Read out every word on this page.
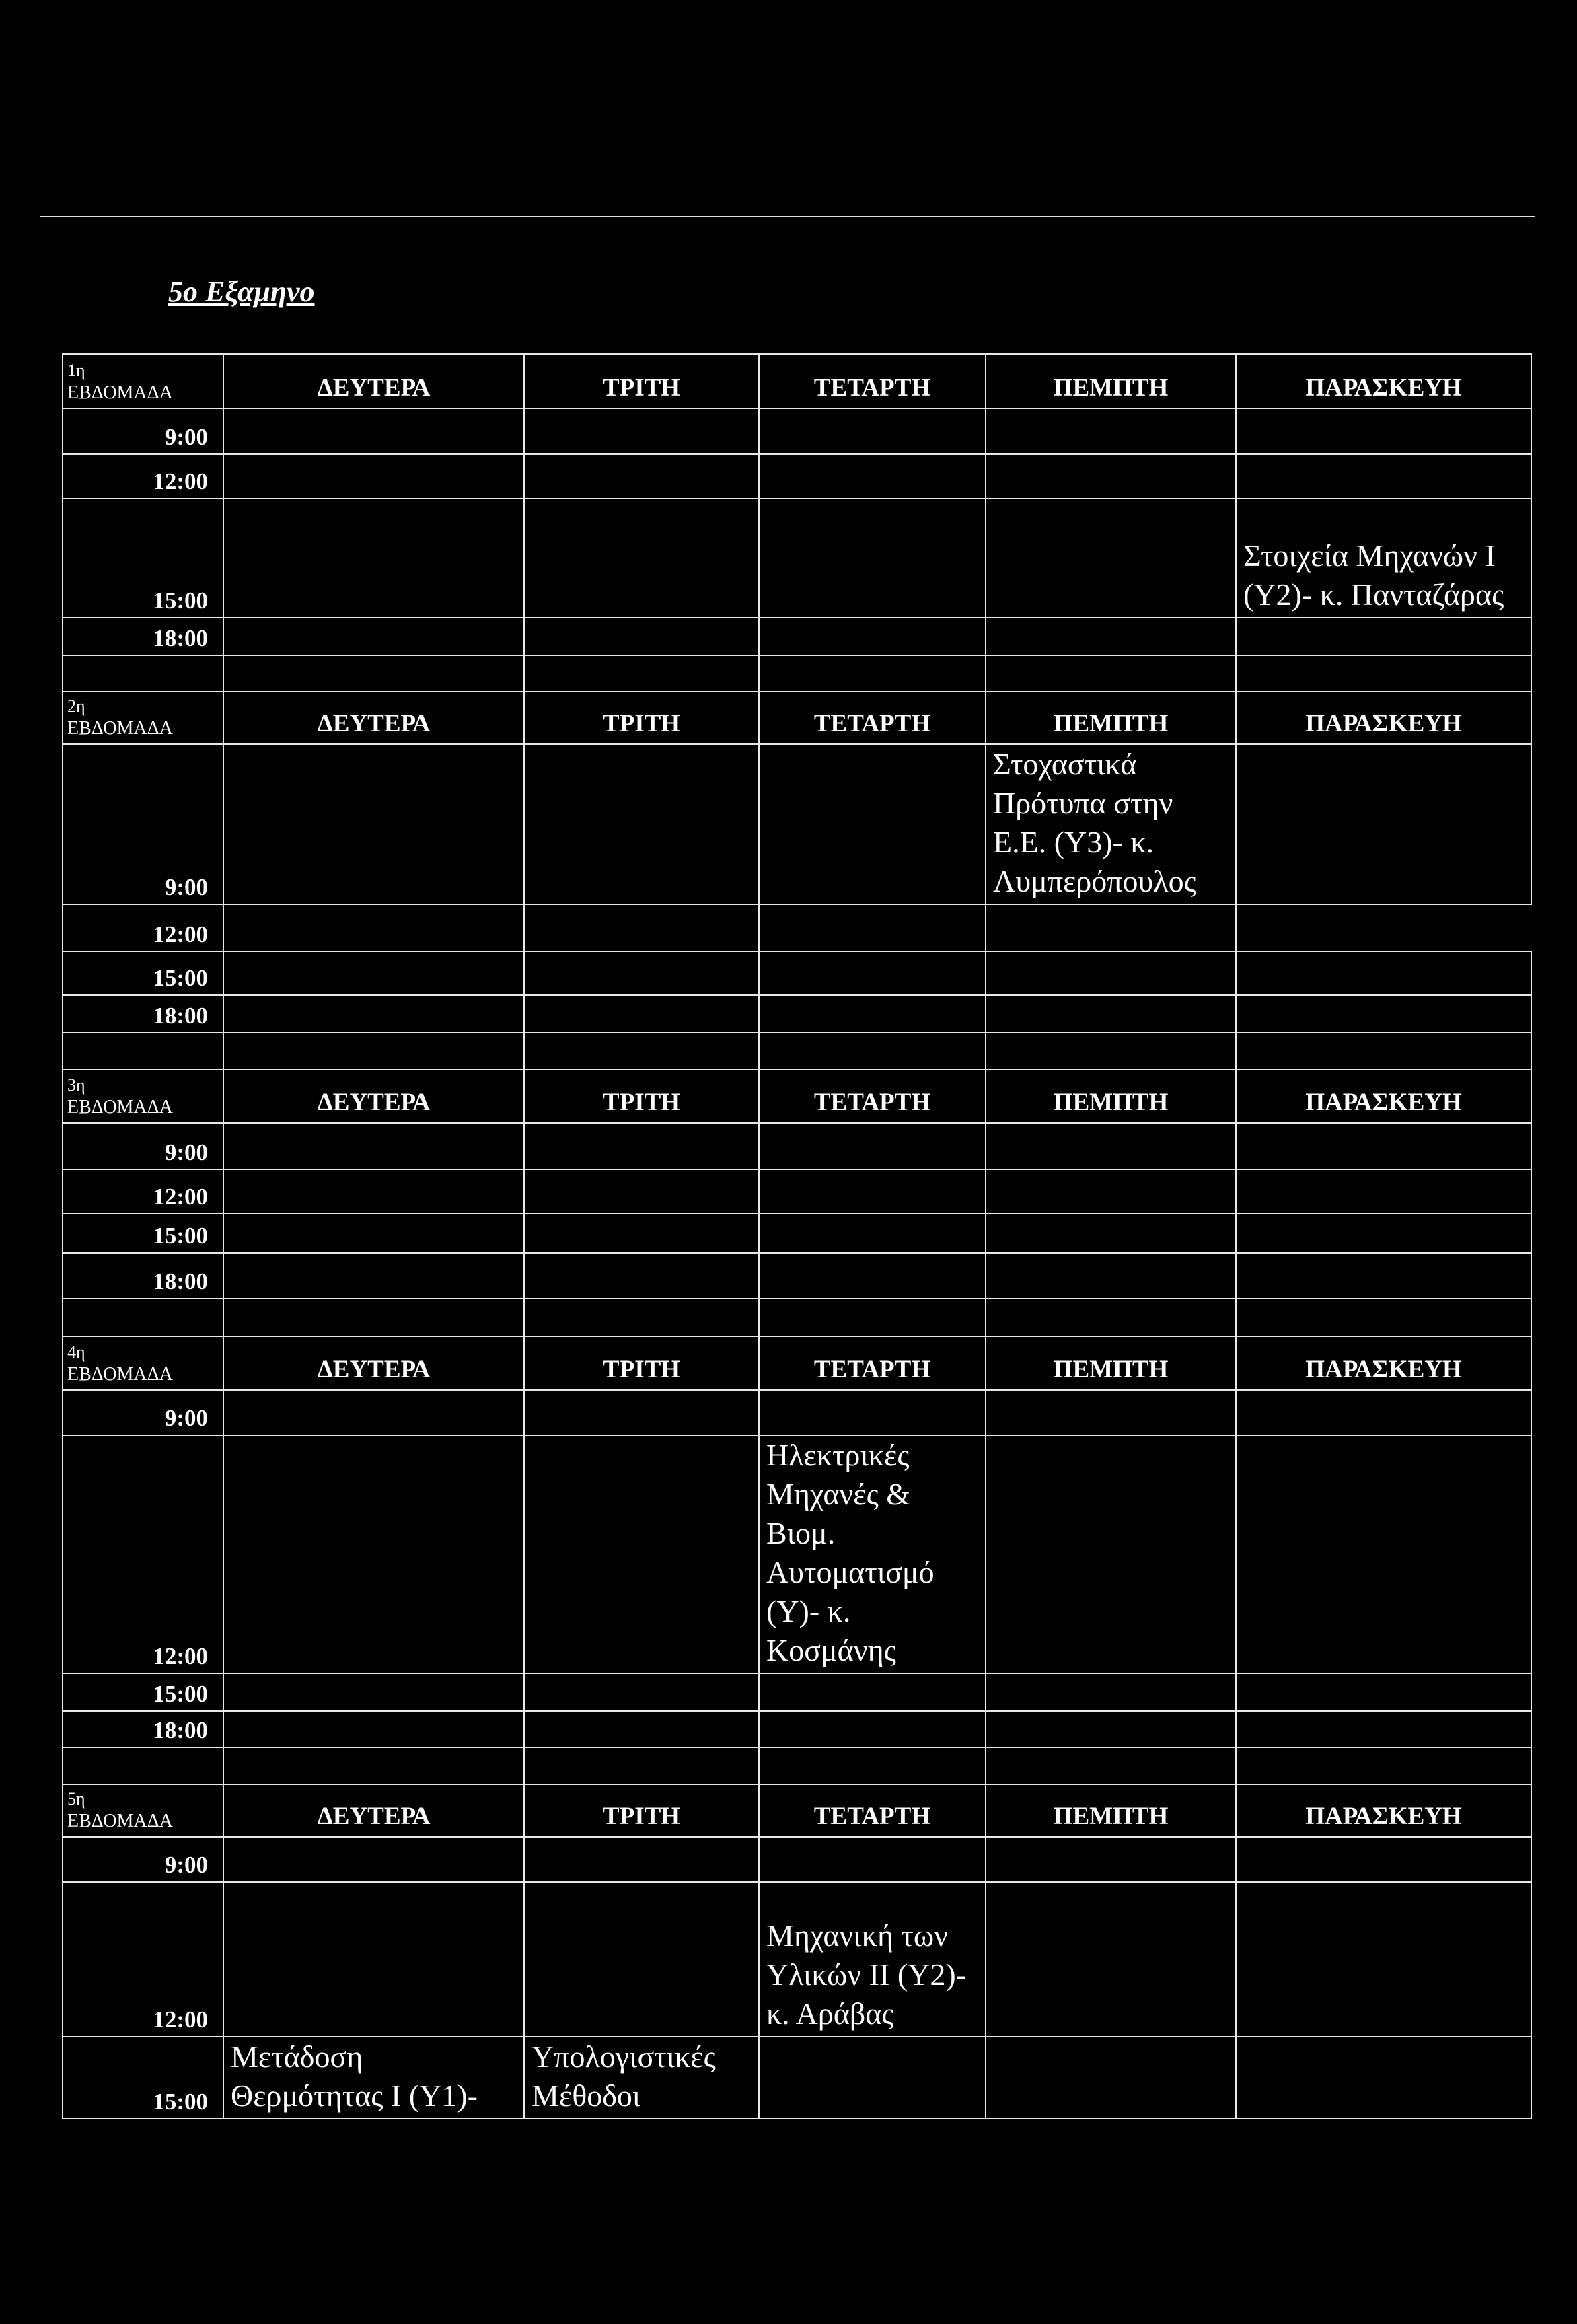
5ο Εξαμηνο
1η
ΕΒΔΟΜΑΔΑ	ΔΕΥΤΕΡΑ	ΤΡΙΤΗ	ΤΕΤΑΡΤΗ	ΠΕΜΠΤΗ	ΠΑΡΑΣΚΕΥΗ
9:00					
12:00					
15:00					Στοιχεία Μηχανών Ι (Υ2)- κ. Πανταζάρας
18:00					

2η
ΕΒΔΟΜΑΔΑ	ΔΕΥΤΕΡΑ	ΤΡΙΤΗ	ΤΕΤΑΡΤΗ	ΠΕΜΠΤΗ	ΠΑΡΑΣΚΕΥΗ
9:00				Στοχαστικά Πρότυπα στην Ε.Ε. (Υ3)- κ. Λυμπερόπουλος	
12:00					
15:00					
18:00					

3η
ΕΒΔΟΜΑΔΑ	ΔΕΥΤΕΡΑ	ΤΡΙΤΗ	ΤΕΤΑΡΤΗ	ΠΕΜΠΤΗ	ΠΑΡΑΣΚΕΥΗ
9:00					
12:00					
15:00					
18:00					

4η
ΕΒΔΟΜΑΔΑ	ΔΕΥΤΕΡΑ	ΤΡΙΤΗ	ΤΕΤΑΡΤΗ	ΠΕΜΠΤΗ	ΠΑΡΑΣΚΕΥΗ
9:00					
12:00			Ηλεκτρικές Μηχανές & Βιομ. Αυτοματισμό (Υ)- κ. Κοσμάνης		
15:00					
18:00					

5η
ΕΒΔΟΜΑΔΑ	ΔΕΥΤΕΡΑ	ΤΡΙΤΗ	ΤΕΤΑΡΤΗ	ΠΕΜΠΤΗ	ΠΑΡΑΣΚΕΥΗ
9:00					
12:00			Μηχανική των Υλικών ΙΙ (Υ2)- κ. Αράβας		
15:00	Μετάδοση Θερμότητας Ι (Υ1)-	Υπολογιστικές Μέθοδοι			
